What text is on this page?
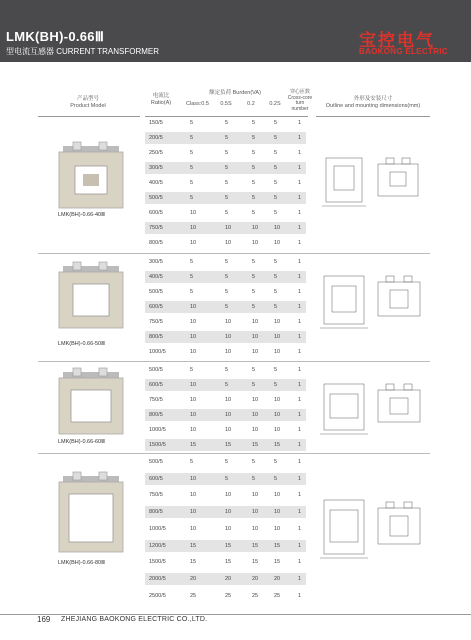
LMK(BH)-0.66Ⅲ
型电流互感器 CURRENT TRANSFORMER
宝控电气
BAOKONG ELECTRIC
产品型号
Product Model
电流比
Ratio(A)
额定负荷 Burden(VA)
Class:0.5 0.5S	0.2	0.2S
穿心匝数
Cross-core
turn
number
外形及安装尺寸
Outline and mounting dimensions(mm)
LMK(BH)-0.66-40Ⅲ
LMK(BH)-0.66-50Ⅲ
LMK(BH)-0.66-60Ⅲ
LMK(BH)-0.66-80Ⅲ
150/5	5	5	5	5	1
200/5	5	5	5	5	1
250/5	5	5	5	5	1
300/5	5	5	5	5	1
400/5	5	5	5	5	1
500/5	5	5	5	5	1
600/5	10	5	5	5	1
750/5	10	10	10	10	1
800/5	10	10	10	10	1
300/5	5	5	5	5	1
400/5	5	5	5	5	1
500/5	5	5	5	5	1
600/5	10	5	5	5	1
750/5	10	10	10	10	1
800/5	10	10	10	10	1
1000/5	10	10	10	10	1
500/5	5	5	5	5	1
600/5	10	5	5	5	1
750/5	10	10	10	10	1
800/5	10	10	10	10	1
1000/5	10	10	10	10	1
1500/5	15	15	15	15	1
500/5	5	5	5	5	1
600/5	10	5	5	5	1
750/5	10	10	10	10	1
800/5	10	10	10	10	1
1000/5	10	10	10	10	1
1200/5	15	15	15	15	1
1500/5	15	15	15	15	1
2000/5	20	20	20	20	1
2500/5	25	25	25	25	1
169 ZHEJIANG BAOKONG ELECTRIC CO.,LTD.
